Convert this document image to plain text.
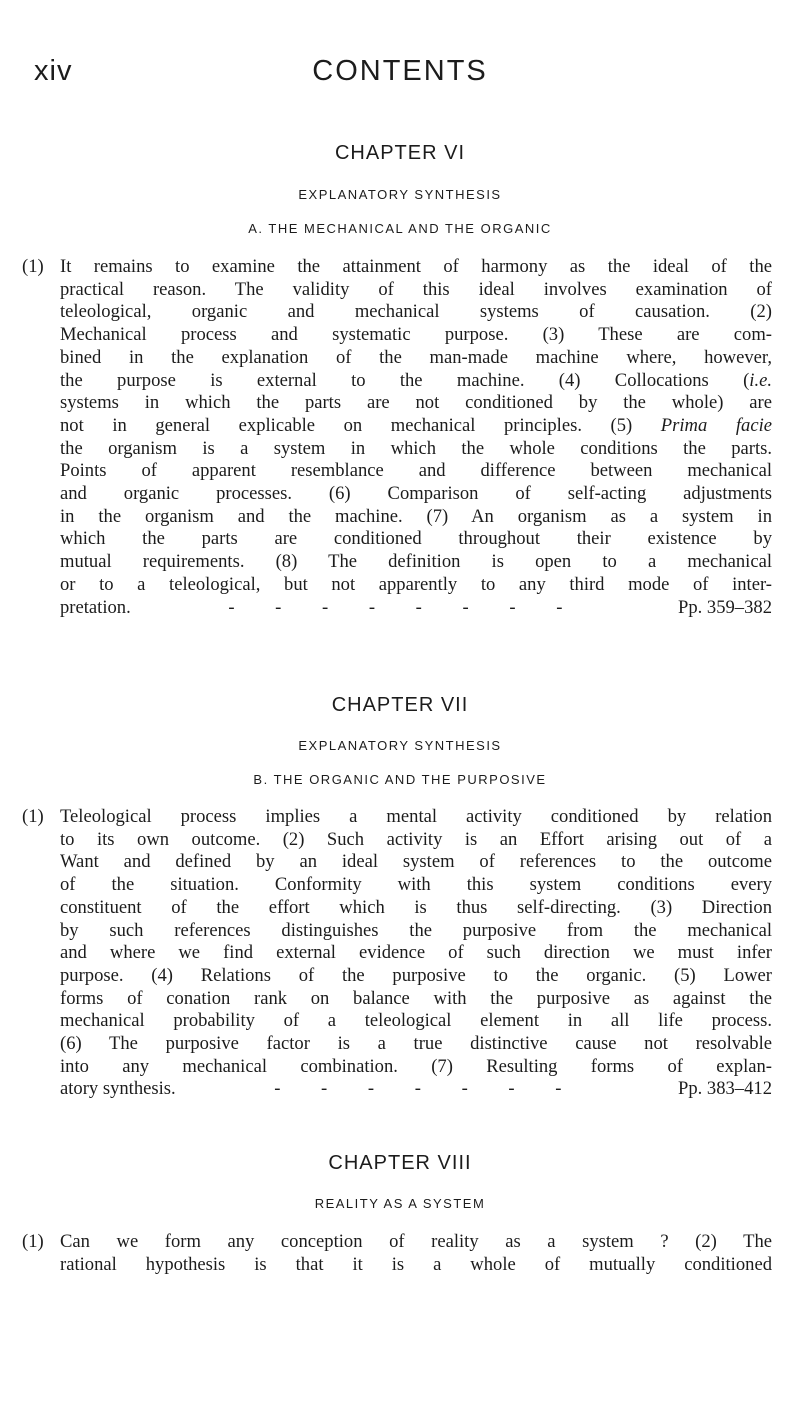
xiv	CONTENTS
CHAPTER VI
EXPLANATORY SYNTHESIS
A. THE MECHANICAL AND THE ORGANIC
(1) It remains to examine the attainment of harmony as the ideal of the
practical reason. The validity of this ideal involves examination of
teleological, organic and mechanical systems of causation. (2)
Mechanical process and systematic purpose. (3) These are com-
bined in the explanation of the man-made machine where, however,
the purpose is external to the machine. (4) Collocations (i.e.
systems in which the parts are not conditioned by the whole) are
not in general explicable on mechanical principles. (5) Prima facie
the organism is a system in which the whole conditions the parts.
Points of apparent resemblance and difference between mechanical
and organic processes. (6) Comparison of self-acting adjustments
in the organism and the machine. (7) An organism as a system in
which the parts are conditioned throughout their existence by
mutual requirements. (8) The definition is open to a mechanical
or to a teleological, but not apparently to any third mode of inter-
pretation.	- - - - - - - -	Pp. 359–382
CHAPTER VII
EXPLANATORY SYNTHESIS
B. THE ORGANIC AND THE PURPOSIVE
(1) Teleological process implies a mental activity conditioned by relation
to its own outcome. (2) Such activity is an Effort arising out of a
Want and defined by an ideal system of references to the outcome
of the situation. Conformity with this system conditions every
constituent of the effort which is thus self-directing. (3) Direction
by such references distinguishes the purposive from the mechanical
and where we find external evidence of such direction we must infer
purpose. (4) Relations of the purposive to the organic. (5) Lower
forms of conation rank on balance with the purposive as against the
mechanical probability of a teleological element in all life process.
(6) The purposive factor is a true distinctive cause not resolvable
into any mechanical combination. (7) Resulting forms of explan-
atory synthesis.	- - - - - - -	Pp. 383–412
CHAPTER VIII
REALITY AS A SYSTEM
(1) Can we form any conception of reality as a system ? (2) The
rational hypothesis is that it is a whole of mutually conditioned
